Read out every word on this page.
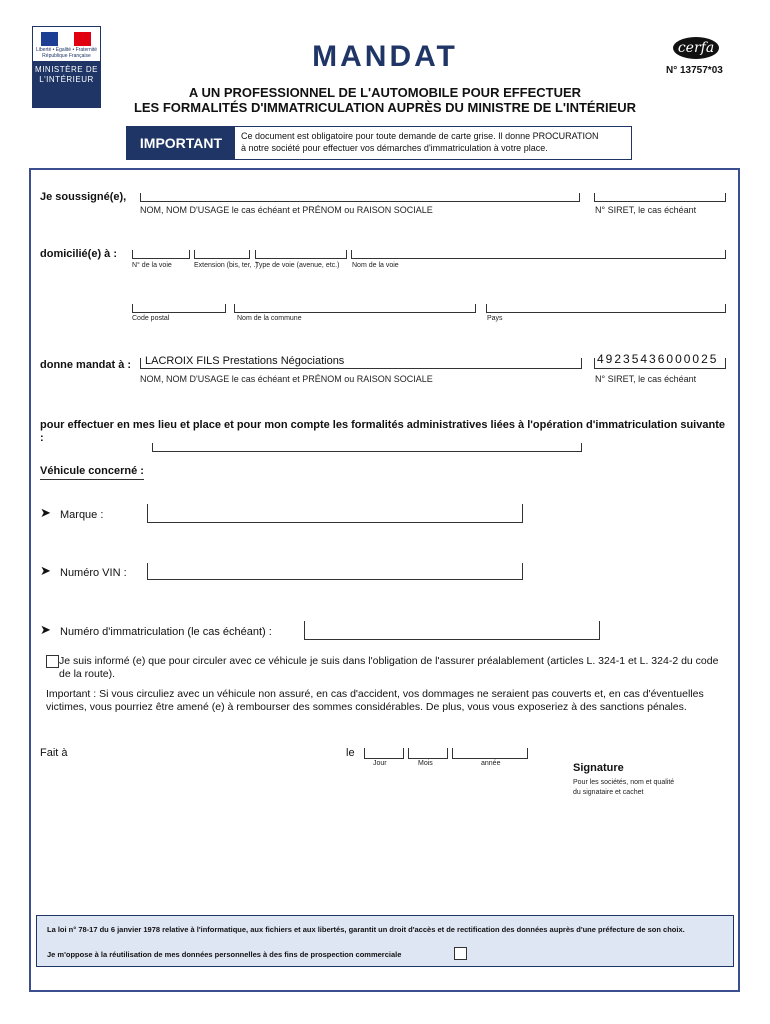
Liberté • Égalité • Fraternité République Française
MINISTÈRE DE L'INTÉRIEUR
MANDAT	cerfa
N° 13757*03
A UN PROFESSIONNEL DE L'AUTOMOBILE POUR EFFECTUER
LES FORMALITÉS D'IMMATRICULATION AUPRÈS DU MINISTRE DE L'INTÉRIEUR
IMPORTANT	Ce document est obligatoire pour toute demande de carte grise. Il donne PROCURATION
à notre société pour effectuer vos démarches d'immatriculation à votre place.
Je soussigné(e),
NOM, NOM D'USAGE le cas échéant et PRÉNOM ou RAISON SOCIALE	N° SIRET, le cas échéant
domicilié(e) à :
N° de la voie	Extension (bis, ter, .)
Type de voie (avenue, etc.) Nom de la voie
Code postal	Nom de la commune	Pays
donne mandat à : LACROIX FILS Prestations Négociations
NOM, NOM D'USAGE le cas échéant et PRÉNOM ou RAISON SOCIALE
49235436000025
N° SIRET, le cas échéant
pour effectuer en mes lieu et place et pour mon compte les formalités administratives liées à l'opération d'immatriculation suivante :
Véhicule concerné :
➤ Marque :
➤ Numéro VIN :
➤ Numéro d'immatriculation (le cas échéant) :
Je suis informé (e) que pour circuler avec ce véhicule je suis dans l'obligation de l'assurer préalablement (articles L. 324-1 et L. 324-2 du code de la route).
Important : Si vous circuliez avec un véhicule non assuré, en cas d'accident, vos dommages ne seraient pas couverts et, en cas d'éventuelles victimes, vous pourriez être amené (e) à rembourser des sommes considérables. De plus, vous vous exposeriez à des sanctions pénales.
Fait à	le
Jour	Mois	année	Signature
Pour les sociétés, nom et qualité
du signataire et cachet
La loi n° 78-17 du 6 janvier 1978 relative à l'informatique, aux fichiers et aux libertés, garantit un droit d'accès et de rectification des données auprès d'une préfecture de son choix.
Je m'oppose à la réutilisation de mes données personnelles à des fins de prospection commerciale
